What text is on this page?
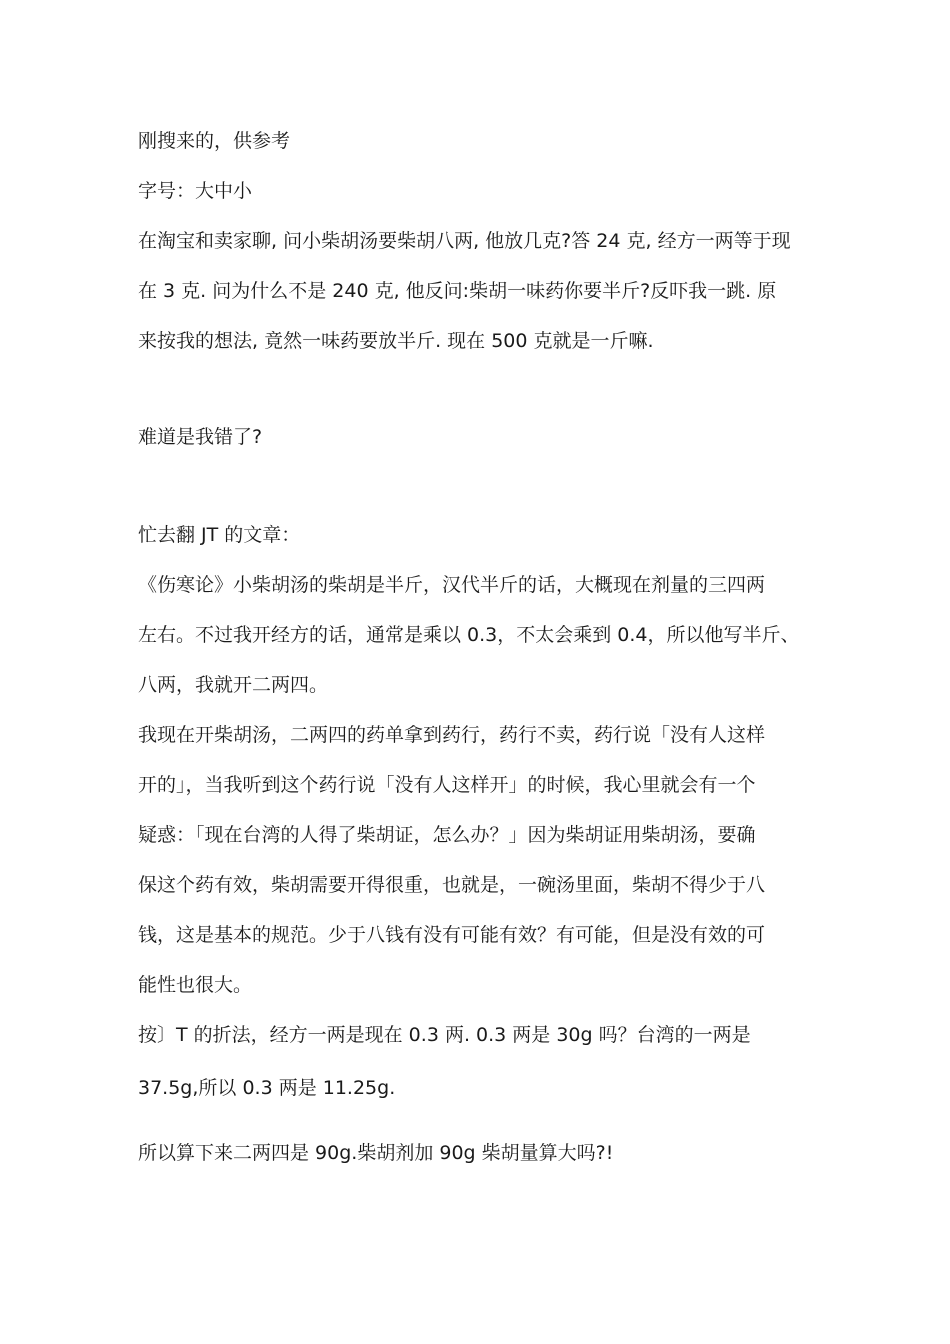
刚搜来的，供参考

字号：大中小

在淘宝和卖家聊, 问小柴胡汤要柴胡八两, 他放几克?答 24 克, 经方一两等于现

在 3 克. 问为什么不是 240 克, 他反问:柴胡一味药你要半斤?反吓我一跳. 原

来按我的想法, 竟然一味药要放半斤. 现在 500 克就是一斤嘛.

难道是我错了?

忙去翻 JT 的文章：

《伤寒论》小柴胡汤的柴胡是半斤，汉代半斤的话，大概现在剂量的三四两

左右。不过我开经方的话，通常是乘以 0.3，不太会乘到 0.4，所以他写半斤、

八两，我就开二两四。

我现在开柴胡汤，二两四的药单拿到药行，药行不卖，药行说「没有人这样

开的」，当我听到这个药行说「没有人这样开」的时候，我心里就会有一个

疑惑：「现在台湾的人得了柴胡证，怎么办？」因为柴胡证用柴胡汤，要确

保这个药有效，柴胡需要开得很重，也就是，一碗汤里面，柴胡不得少于八

钱，这是基本的规范。少于八钱有没有可能有效？有可能，但是没有效的可

能性也很大。

按〕T 的折法，经方一两是现在 0.3 两. 0.3 两是 30g 吗？台湾的一两是

37.5g,所以 0.3 两是 11.25g.

所以算下来二两四是 90g.柴胡剂加 90g 柴胡量算大吗?!
